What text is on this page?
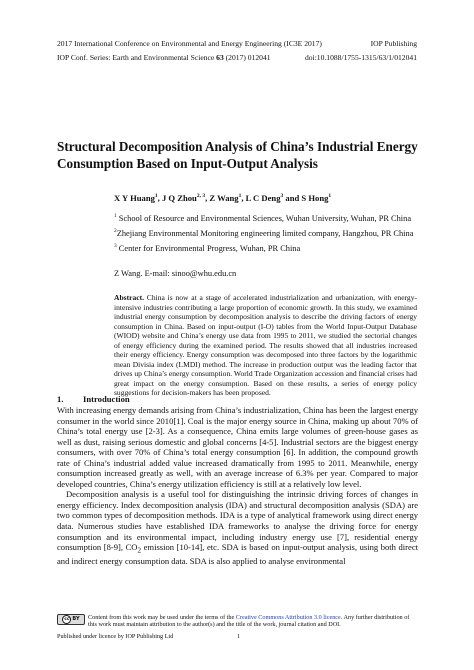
2017 International Conference on Environmental and Energy Engineering (IC3E 2017)	IOP Publishing
IOP Conf. Series: Earth and Environmental Science 63 (2017) 012041	doi:10.1088/1755-1315/63/1/012041
Structural Decomposition Analysis of China’s Industrial Energy Consumption Based on Input-Output Analysis
X Y Huang$^1$, J Q Zhou$^{2, 3}$, Z Wang$^1$, L C Deng$^3$ and S Hong$^1$

$^1$ School of Resource and Environmental Sciences, Wuhan University, Wuhan, PR China

$^2$Zhejiang Environmental Monitoring engineering limited company, Hangzhou, PR China

$^3$ Center for Environmental Progress, Wuhan, PR China

Z Wang. E-mail: sinoo@whu.edu.cn
Abstract. China is now at a stage of accelerated industrialization and urbanization, with energy-intensive industries contributing a large proportion of economic growth. In this study, we examined industrial energy consumption by decomposition analysis to describe the driving factors of energy consumption in China. Based on input-output (I-O) tables from the World Input-Output Database (WIOD) website and China’s energy use data from 1995 to 2011, we studied the sectorial changes of energy efficiency during the examined period. The results showed that all industries increased their energy efficiency. Energy consumption was decomposed into three factors by the logarithmic mean Divisia index (LMDI) method. The increase in production output was the leading factor that drives up China’s energy consumption. World Trade Organization accession and financial crises had great impact on the energy consumption. Based on these results, a series of energy policy suggestions for decision-makers has been proposed.
1. Introduction

With increasing energy demands arising from China’s industrialization, China has been the largest energy consumer in the world since 2010[1]. Coal is the major energy source in China, making up about 70% of China’s total energy use [2-3]. As a consequence, China emits large volumes of green-house gases as well as dust, raising serious domestic and global concerns [4-5]. Industrial sectors are the biggest energy consumers, with over 70% of China’s total energy consumption [6]. In addition, the compound growth rate of China’s industrial added value increased dramatically from 1995 to 2011. Meanwhile, energy consumption increased greatly as well, with an average increase of 6.3% per year. Compared to major developed countries, China’s energy utilization efficiency is still at a relatively low level.

Decomposition analysis is a useful tool for distinguishing the intrinsic driving forces of changes in energy efficiency. Index decomposition analysis (IDA) and structural decomposition analysis (SDA) are two common types of decomposition methods. IDA is a type of analytical framework using direct energy data. Numerous studies have established IDA frameworks to analyse the driving force for energy consumption and its environmental impact, including industry energy use [7], residential energy consumption [8-9], $CO_2$ emission [10-14], etc. SDA is based on input-output analysis, using both direct and indirect energy consumption data. SDA is also applied to analyse environmental

cc BY Content from this work may be used under the terms of the Creative Commons Attribution 3.0 licence. Any further distribution of this work must maintain attribution to the author(s) and the title of the work, journal citation and DOI.
Published under licence by IOP Publishing Ltd	1
